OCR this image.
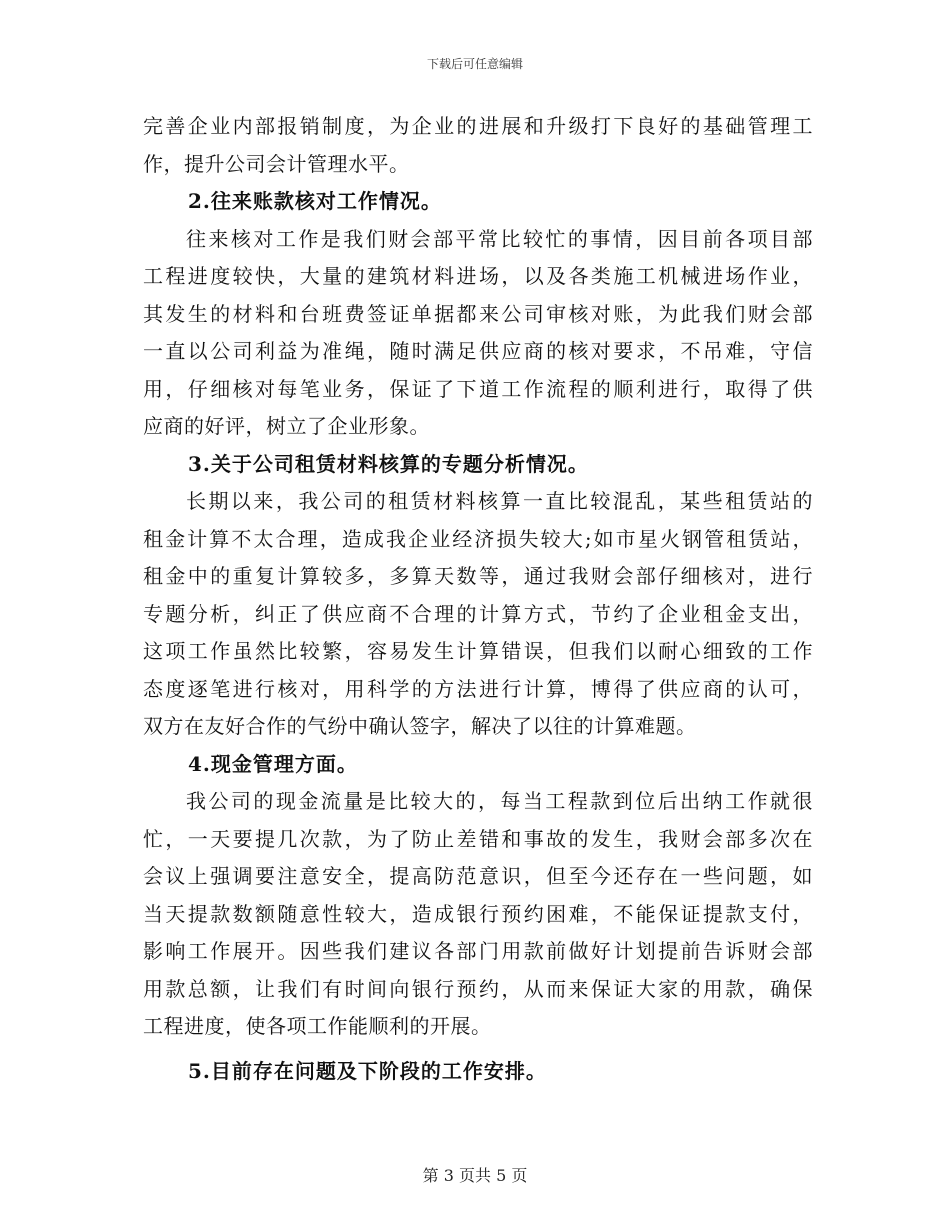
下载后可任意编辑
完善企业内部报销制度，为企业的进展和升级打下良好的基础管理工
作，提升公司会计管理水平。
2.往来账款核对工作情况。
往来核对工作是我们财会部平常比较忙的事情，因目前各项目部
工程进度较快，大量的建筑材料进场，以及各类施工机械进场作业，
其发生的材料和台班费签证单据都来公司审核对账，为此我们财会部
一直以公司利益为准绳，随时满足供应商的核对要求，不吊难，守信
用，仔细核对每笔业务，保证了下道工作流程的顺利进行，取得了供
应商的好评，树立了企业形象。
3.关于公司租赁材料核算的专题分析情况。
长期以来，我公司的租赁材料核算一直比较混乱，某些租赁站的
租金计算不太合理，造成我企业经济损失较大;如市星火钢管租赁站，
租金中的重复计算较多，多算天数等，通过我财会部仔细核对，进行
专题分析，纠正了供应商不合理的计算方式，节约了企业租金支出，
这项工作虽然比较繁，容易发生计算错误，但我们以耐心细致的工作
态度逐笔进行核对，用科学的方法进行计算，博得了供应商的认可，
双方在友好合作的气纷中确认签字，解决了以往的计算难题。
4.现金管理方面。
我公司的现金流量是比较大的，每当工程款到位后出纳工作就很
忙，一天要提几次款，为了防止差错和事故的发生，我财会部多次在
会议上强调要注意安全，提高防范意识，但至今还存在一些问题，如
当天提款数额随意性较大，造成银行预约困难，不能保证提款支付，
影响工作展开。因些我们建议各部门用款前做好计划提前告诉财会部
用款总额，让我们有时间向银行预约，从而来保证大家的用款，确保
工程进度，使各项工作能顺利的开展。
5.目前存在问题及下阶段的工作安排。
第 3 页共 5 页
